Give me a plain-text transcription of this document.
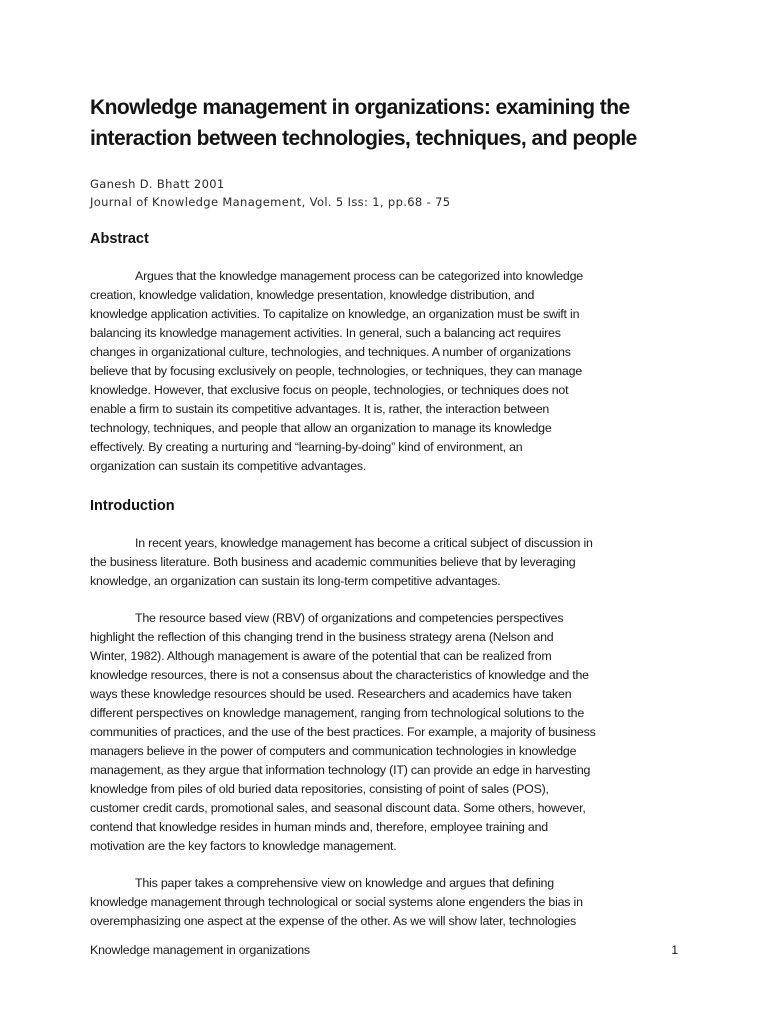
Knowledge management in organizations: examining the
interaction between technologies, techniques, and people
Ganesh D. Bhatt 2001
Journal of Knowledge Management, Vol. 5 Iss: 1, pp.68 - 75
Abstract

Argues that the knowledge management process can be categorized into knowledge
creation, knowledge validation, knowledge presentation, knowledge distribution, and
knowledge application activities. To capitalize on knowledge, an organization must be swift in
balancing its knowledge management activities. In general, such a balancing act requires
changes in organizational culture, technologies, and techniques. A number of organizations
believe that by focusing exclusively on people, technologies, or techniques, they can manage
knowledge. However, that exclusive focus on people, technologies, or techniques does not
enable a firm to sustain its competitive advantages. It is, rather, the interaction between
technology, techniques, and people that allow an organization to manage its knowledge
effectively. By creating a nurturing and “learning-by-doing” kind of environment, an
organization can sustain its competitive advantages.

Introduction

In recent years, knowledge management has become a critical subject of discussion in
the business literature. Both business and academic communities believe that by leveraging
knowledge, an organization can sustain its long-term competitive advantages.

The resource based view (RBV) of organizations and competencies perspectives
highlight the reflection of this changing trend in the business strategy arena (Nelson and
Winter, 1982). Although management is aware of the potential that can be realized from
knowledge resources, there is not a consensus about the characteristics of knowledge and the
ways these knowledge resources should be used. Researchers and academics have taken
different perspectives on knowledge management, ranging from technological solutions to the
communities of practices, and the use of the best practices. For example, a majority of business
managers believe in the power of computers and communication technologies in knowledge
management, as they argue that information technology (IT) can provide an edge in harvesting
knowledge from piles of old buried data repositories, consisting of point of sales (POS),
customer credit cards, promotional sales, and seasonal discount data. Some others, however,
contend that knowledge resides in human minds and, therefore, employee training and
motivation are the key factors to knowledge management.

This paper takes a comprehensive view on knowledge and argues that defining
knowledge management through technological or social systems alone engenders the bias in
overemphasizing one aspect at the expense of the other. As we will show later, technologies

Knowledge management in organizations	1
